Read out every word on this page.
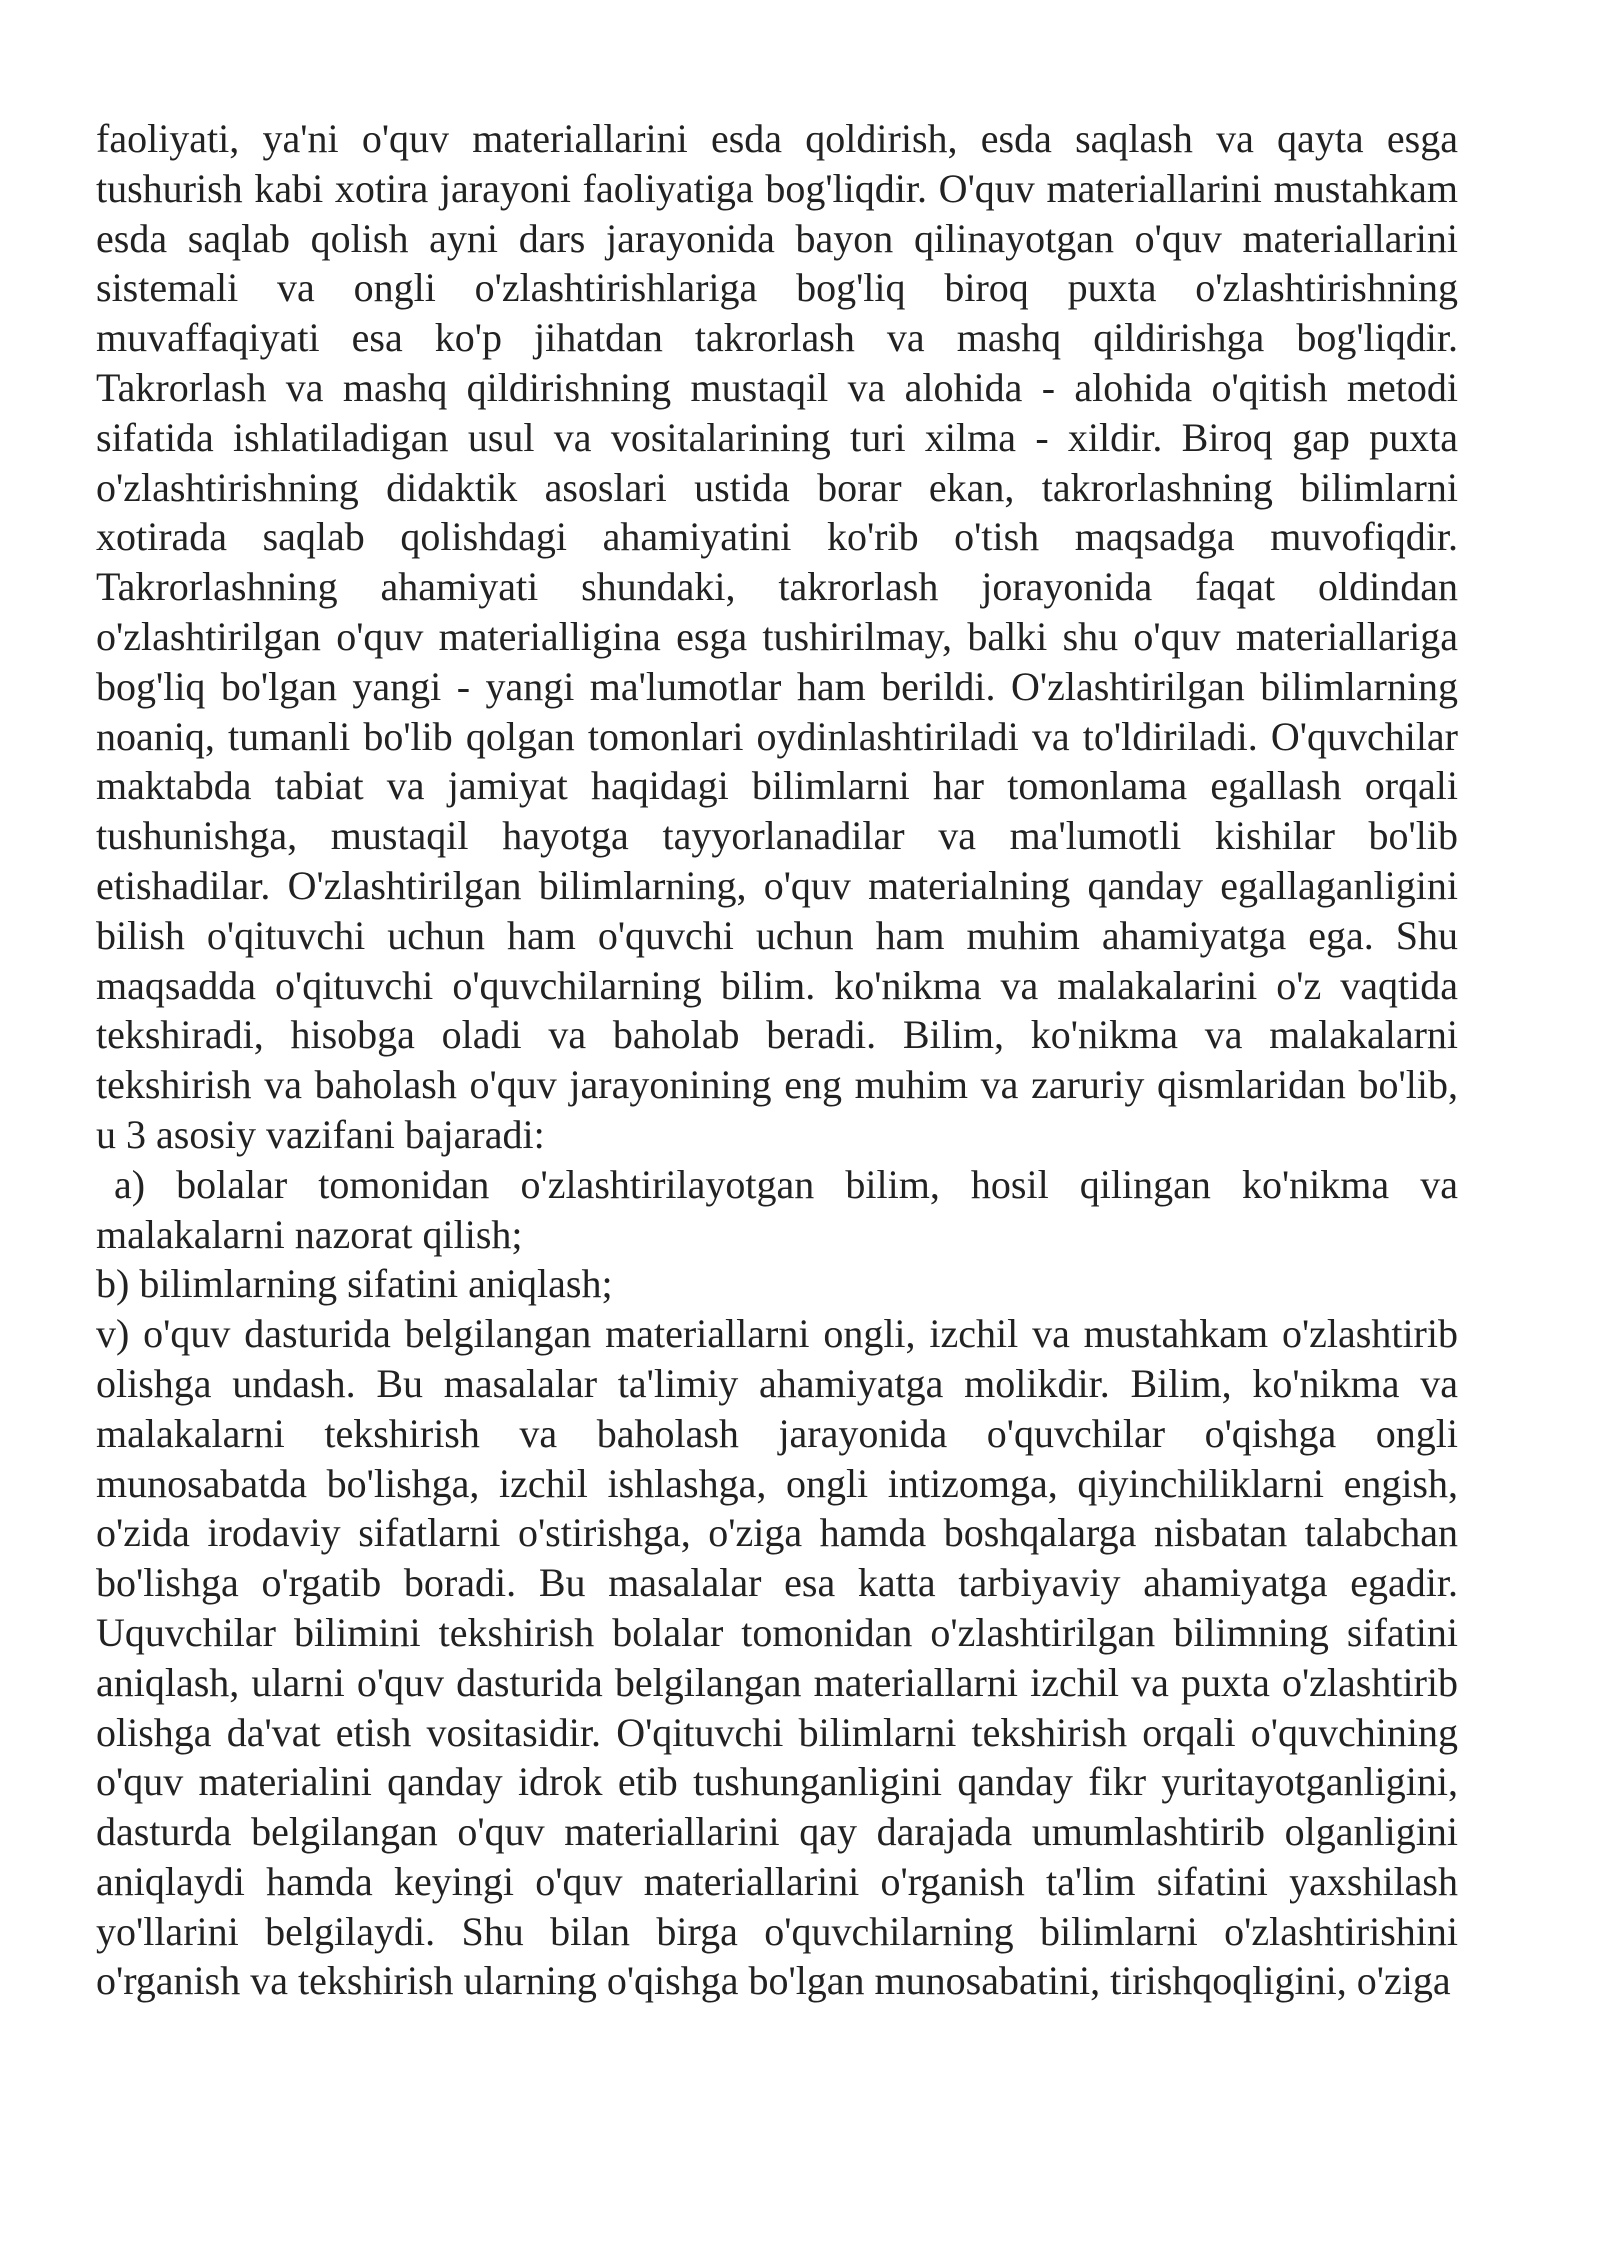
faoliyati, ya'ni o'quv materiallarini esda qoldirish, esda saqlash va qayta esga tushurish kabi xotira jarayoni faoliyatiga bog'liqdir. O'quv materiallarini mustahkam esda saqlab qolish ayni dars jarayonida bayon qilinayotgan o'quv materiallarini sistemali va ongli o'zlashtirishlariga bog'liq biroq puxta o'zlashtirishning muvaffaqiyati esa ko'p jihatdan takrorlash va mashq qildirishga bog'liqdir. Takrorlash va mashq qildirishning mustaqil va alohida - alohida o'qitish metodi sifatida ishlatiladigan usul va vositalarining turi xilma - xildir. Biroq gap puxta o'zlashtirishning didaktik asoslari ustida borar ekan, takrorlashning bilimlarni xotirada saqlab qolishdagi ahamiyatini ko'rib o'tish maqsadga muvofiqdir. Takrorlashning ahamiyati shundaki, takrorlash jorayonida faqat oldindan o'zlashtirilgan o'quv materialligina esga tushirilmay, balki shu o'quv materiallariga bog'liq bo'lgan yangi - yangi ma'lumotlar ham berildi. O'zlashtirilgan bilimlarning noaniq, tumanli bo'lib qolgan tomonlari oydinlashtiriladi va to'ldiriladi. O'quvchilar maktabda tabiat va jamiyat haqidagi bilimlarni har tomonlama egallash orqali tushunishga, mustaqil hayotga tayyorlanadilar va ma'lumotli kishilar bo'lib etishadilar. O'zlashtirilgan bilimlarning, o'quv materialning qanday egallaganligini bilish o'qituvchi uchun ham o'quvchi uchun ham muhim ahamiyatga ega. Shu maqsadda o'qituvchi o'quvchilarning bilim. ko'nikma va malakalarini o'z vaqtida tekshiradi, hisobga oladi va baholab beradi. Bilim, ko'nikma va malakalarni tekshirish va baholash o'quv jarayonining eng muhim va zaruriy qismlaridan bo'lib, u 3 asosiy vazifani bajaradi:

a) bolalar tomonidan o'zlashtirilayotgan bilim, hosil qilingan ko'nikma va malakalarni nazorat qilish;

b) bilimlarning sifatini aniqlash;

v) o'quv dasturida belgilangan materiallarni ongli, izchil va mustahkam o'zlashtirib olishga undash. Bu masalalar ta'limiy ahamiyatga molikdir. Bilim, ko'nikma va malakalarni tekshirish va baholash jarayonida o'quvchilar o'qishga ongli munosabatda bo'lishga, izchil ishlashga, ongli intizomga, qiyinchiliklarni engish, o'zida irodaviy sifatlarni o'stirishga, o'ziga hamda boshqalarga nisbatan talabchan bo'lishga o'rgatib boradi. Bu masalalar esa katta tarbiyaviy ahamiyatga egadir. Uquvchilar bilimini tekshirish bolalar tomonidan o'zlashtirilgan bilimning sifatini aniqlash, ularni o'quv dasturida belgilangan materiallarni izchil va puxta o'zlashtirib olishga da'vat etish vositasidir. O'qituvchi bilimlarni tekshirish orqali o'quvchining o'quv materialini qanday idrok etib tushunganligini qanday fikr yuritayotganligini, dasturda belgilangan o'quv materiallarini qay darajada umumlashtirib olganligini aniqlaydi hamda keyingi o'quv materiallarini o'rganish ta'lim sifatini yaxshilash yo'llarini belgilaydi. Shu bilan birga o'quvchilarning bilimlarni o'zlashtirishini o'rganish va tekshirish ularning o'qishga bo'lgan munosabatini, tirishqoqligini, o'ziga
